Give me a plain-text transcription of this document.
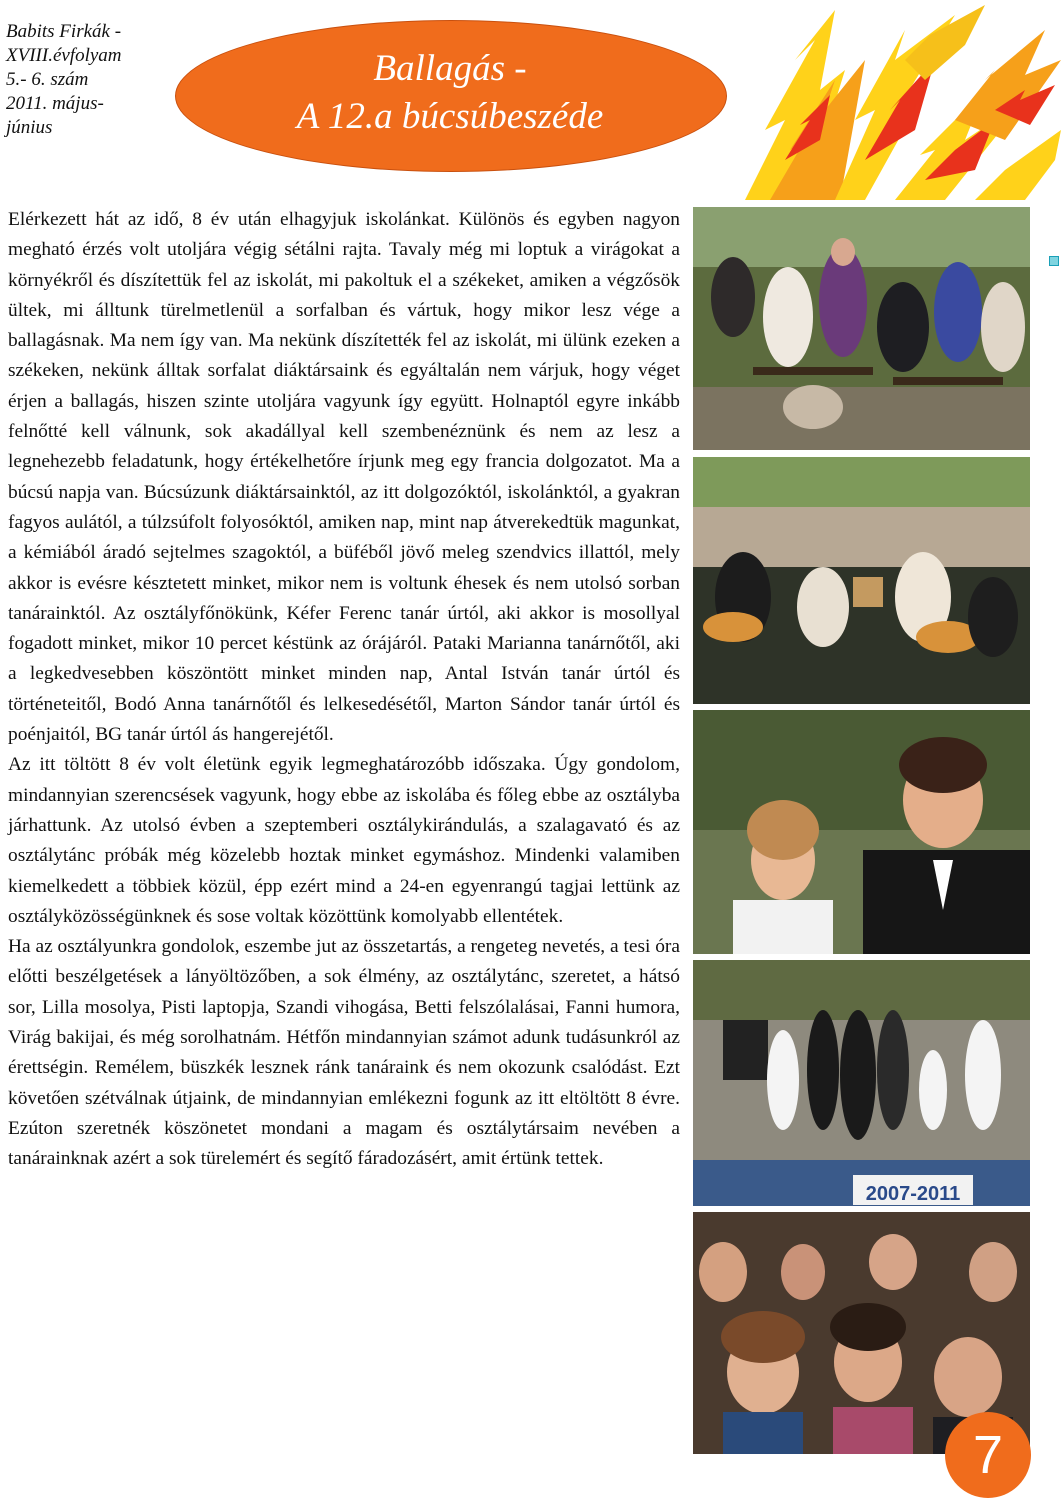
Babits Firkák -
XVIII.évfolyam
5.- 6. szám
2011. május-
június
Ballagás -
A 12.a búcsúbeszéde

Elérkezett hát az idő, 8 év után elhagyjuk iskolánkat. Különös és egyben nagyon megható érzés volt utoljára végig sétálni rajta. Tavaly még mi loptuk a virágokat a környékről és díszítettük fel az iskolát, mi pakoltuk el a székeket, amiken a végzősök ültek, mi álltunk türelmetlenül a sorfalban és vártuk, hogy mikor lesz vége a ballagásnak. Ma nem így van. Ma nekünk díszítették fel az iskolát, mi ülünk ezeken a székeken, nekünk álltak sorfalat diáktársaink és egyáltalán nem várjuk, hogy véget érjen a ballagás, hiszen szinte utoljára vagyunk így együtt. Holnaptól egyre inkább felnőtté kell válnunk, sok akadállyal kell szembenéznünk és nem az lesz a legnehezebb feladatunk, hogy értékelhetőre írjunk meg egy francia dolgozatot. Ma a búcsú napja van. Búcsúzunk diáktársainktól, az itt dolgozóktól, iskolánktól, a gyakran fagyos aulától, a túlzsúfolt folyosóktól, amiken nap, mint nap átverekedtük magunkat, a kémiából áradó sejtelmes szagoktól, a büféből jövő meleg szendvics illattól, mely akkor is evésre késztetett minket, mikor nem is voltunk éhesek és nem utolsó sorban tanárainktól. Az osztályfőnökünk, Kéfer Ferenc tanár úrtól, aki akkor is mosollyal fogadott minket, mikor 10 percet késtünk az órájáról. Pataki Marianna tanárnőtől, aki a legkedvesebben köszöntött minket minden nap, Antal István tanár úrtól és történeteitől, Bodó Anna tanárnőtől és lelkesedésétől, Marton Sándor tanár úrtól és poénjaitól, BG tanár úrtól ás hangerejétől.

Az itt töltött 8 év volt életünk egyik legmeghatározóbb időszaka. Úgy gondolom, mindannyian szerencsések vagyunk, hogy ebbe az iskolába és főleg ebbe az osztályba járhattunk. Az utolsó évben a szeptemberi osztálykirándulás, a szalagavató és az osztálytánc próbák még közelebb hoztak minket egymáshoz. Mindenki valamiben kiemelkedett a többiek közül, épp ezért mind a 24-en egyenrangú tagjai lettünk az osztályközösségünknek és sose voltak közöttünk komolyabb ellentétek.

Ha az osztályunkra gondolok, eszembe jut az összetartás, a rengeteg nevetés, a tesi óra előtti beszélgetések a lányöltözőben, a sok élmény, az osztálytánc, szeretet, a hátsó sor, Lilla mosolya, Pisti laptopja, Szandi vihogása, Betti felszólalásai, Fanni humora, Virág bakijai, és még sorolhatnám. Hétfőn mindannyian számot adunk tudásunkról az érettségin. Remélem, büszkék lesznek ránk tanáraink és nem okozunk csalódást. Ezt követően szétválnak útjaink, de mindannyian emlékezni fogunk az itt eltöltött 8 évre. Ezúton szeretnék köszönetet mondani a magam és osztálytársaim nevében a tanárainknak azért a sok türelemért és segítő fáradozásért, amit értünk tettek.

2007-2011
7
